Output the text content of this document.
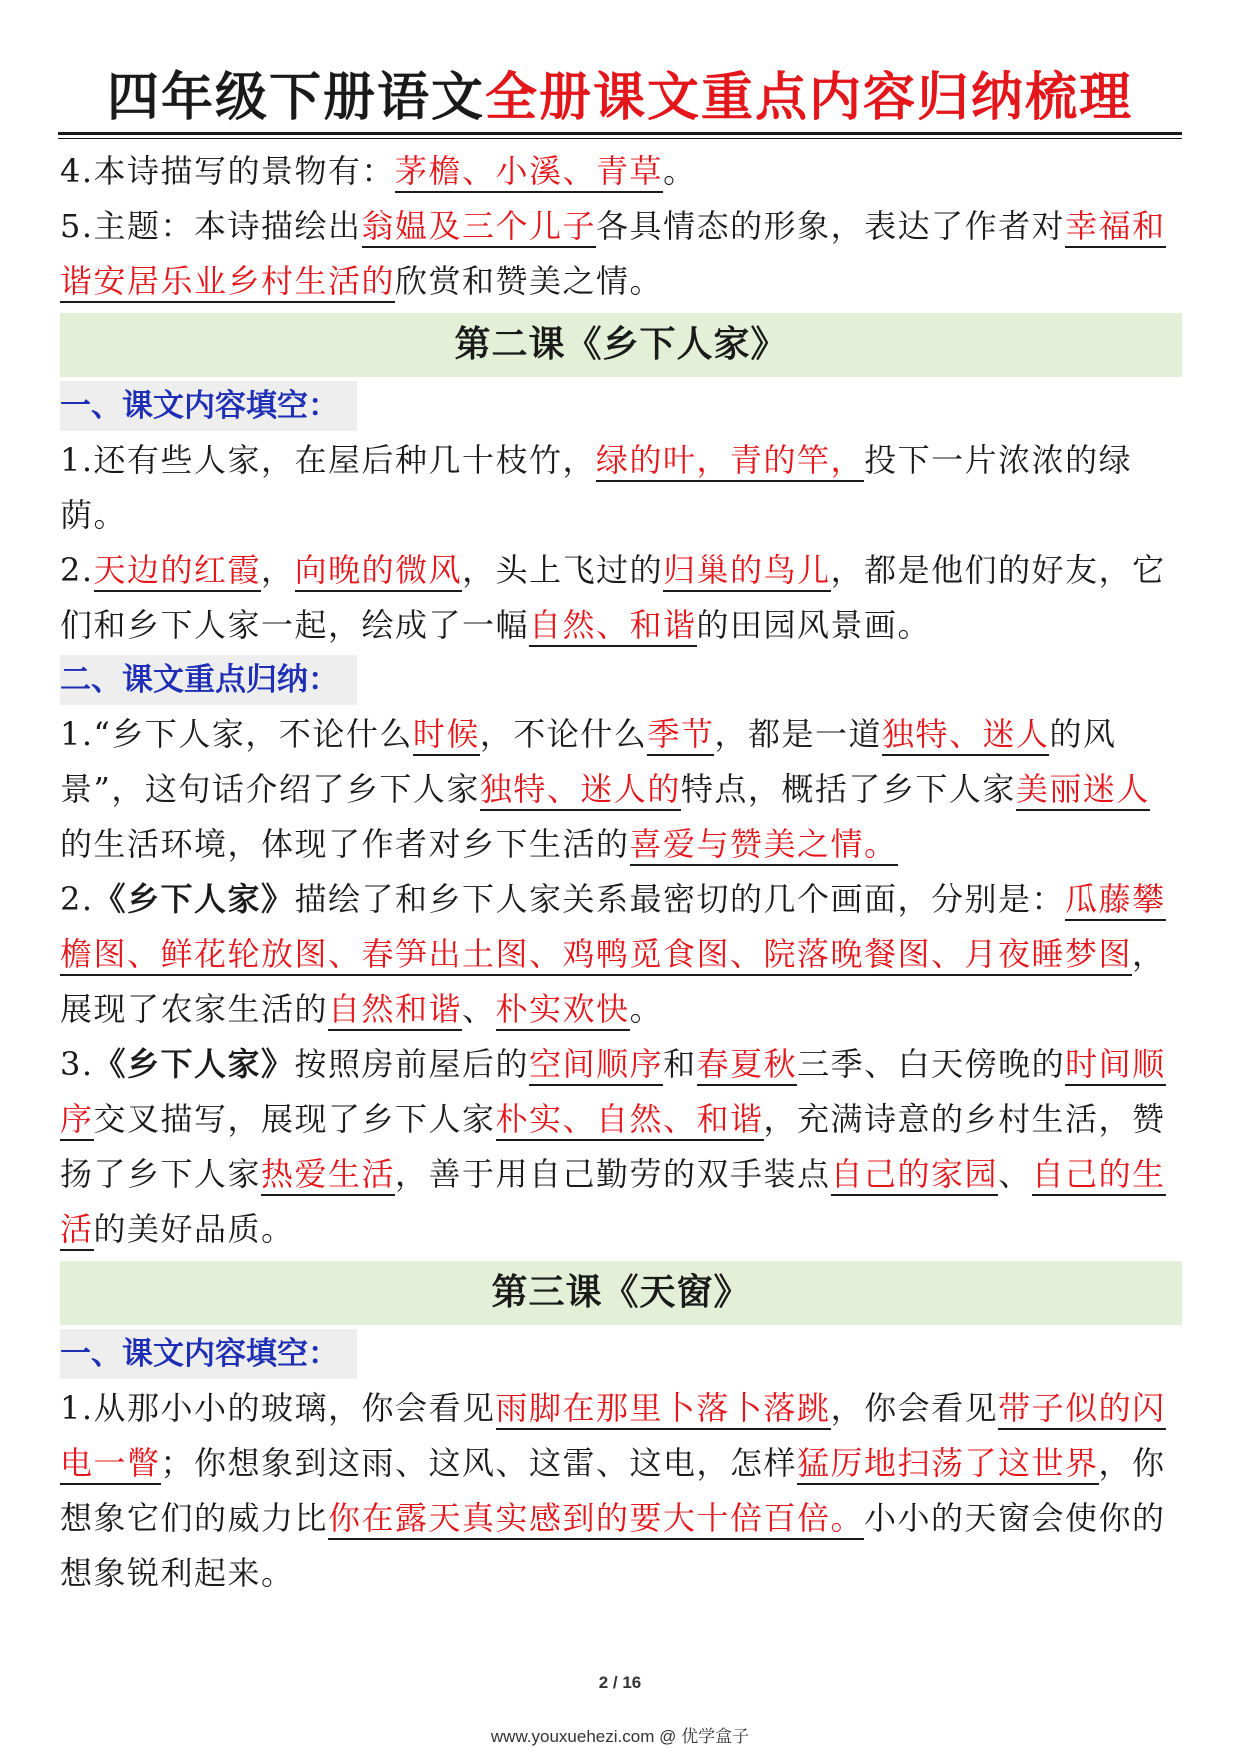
四年级下册语文全册课文重点内容归纳梳理

4.本诗描写的景物有：茅檐、小溪、青草。

5.主题：本诗描绘出翁媪及三个儿子各具情态的形象，表达了作者对幸福和谐安居乐业乡村生活的欣赏和赞美之情。

第二课《乡下人家》
一、课文内容填空：

1.还有些人家，在屋后种几十枝竹，绿的叶，青的竿，投下一片浓浓的绿荫。

2.天边的红霞，向晚的微风，头上飞过的归巢的鸟儿，都是他们的好友，它们和乡下人家一起，绘成了一幅自然、和谐的田园风景画。

二、课文重点归纳：

1.“乡下人家，不论什么时候，不论什么季节，都是一道独特、迷人的风景”，这句话介绍了乡下人家独特、迷人的特点，概括了乡下人家美丽迷人的生活环境，体现了作者对乡下生活的喜爱与赞美之情。

2.《乡下人家》描绘了和乡下人家关系最密切的几个画面，分别是：瓜藤攀檐图、鲜花轮放图、春笋出土图、鸡鸭觅食图、院落晚餐图、月夜睡梦图，展现了农家生活的自然和谐、朴实欢快。

3.《乡下人家》按照房前屋后的空间顺序和春夏秋三季、白天傍晚的时间顺序交叉描写，展现了乡下人家朴实、自然、和谐，充满诗意的乡村生活，赞扬了乡下人家热爱生活，善于用自己勤劳的双手装点自己的家园、自己的生活的美好品质。

第三课《天窗》
一、课文内容填空：

1.从那小小的玻璃，你会看见雨脚在那里卜落卜落跳，你会看见带子似的闪电一瞥；你想象到这雨、这风、这雷、这电，怎样猛厉地扫荡了这世界，你想象它们的威力比你在露天真实感到的要大十倍百倍。小小的天窗会使你的想象锐利起来。

2 / 16
www.youxuehezi.com @ 优学盒子
